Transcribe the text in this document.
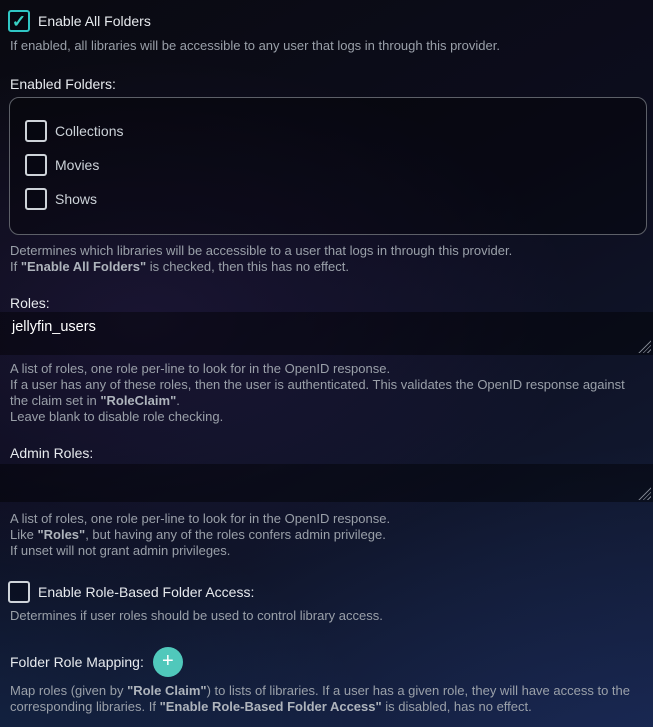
✓ Enable All Folders
If enabled, all libraries will be accessible to any user that logs in through this provider.
Enabled Folders:
Collections
Movies
Shows
Determines which libraries will be accessible to a user that logs in through this provider.
If "Enable All Folders" is checked, then this has no effect.
Roles:
jellyfin_users
A list of roles, one role per-line to look for in the OpenID response.
If a user has any of these roles, then the user is authenticated. This validates the OpenID response against the claim set in "RoleClaim".
Leave blank to disable role checking.
Admin Roles:
A list of roles, one role per-line to look for in the OpenID response.
Like "Roles", but having any of the roles confers admin privilege.
If unset will not grant admin privileges.
Enable Role-Based Folder Access:
Determines if user roles should be used to control library access.
Folder Role Mapping: +
Map roles (given by "Role Claim") to lists of libraries. If a user has a given role, they will have access to the corresponding libraries. If "Enable Role-Based Folder Access" is disabled, has no effect.
